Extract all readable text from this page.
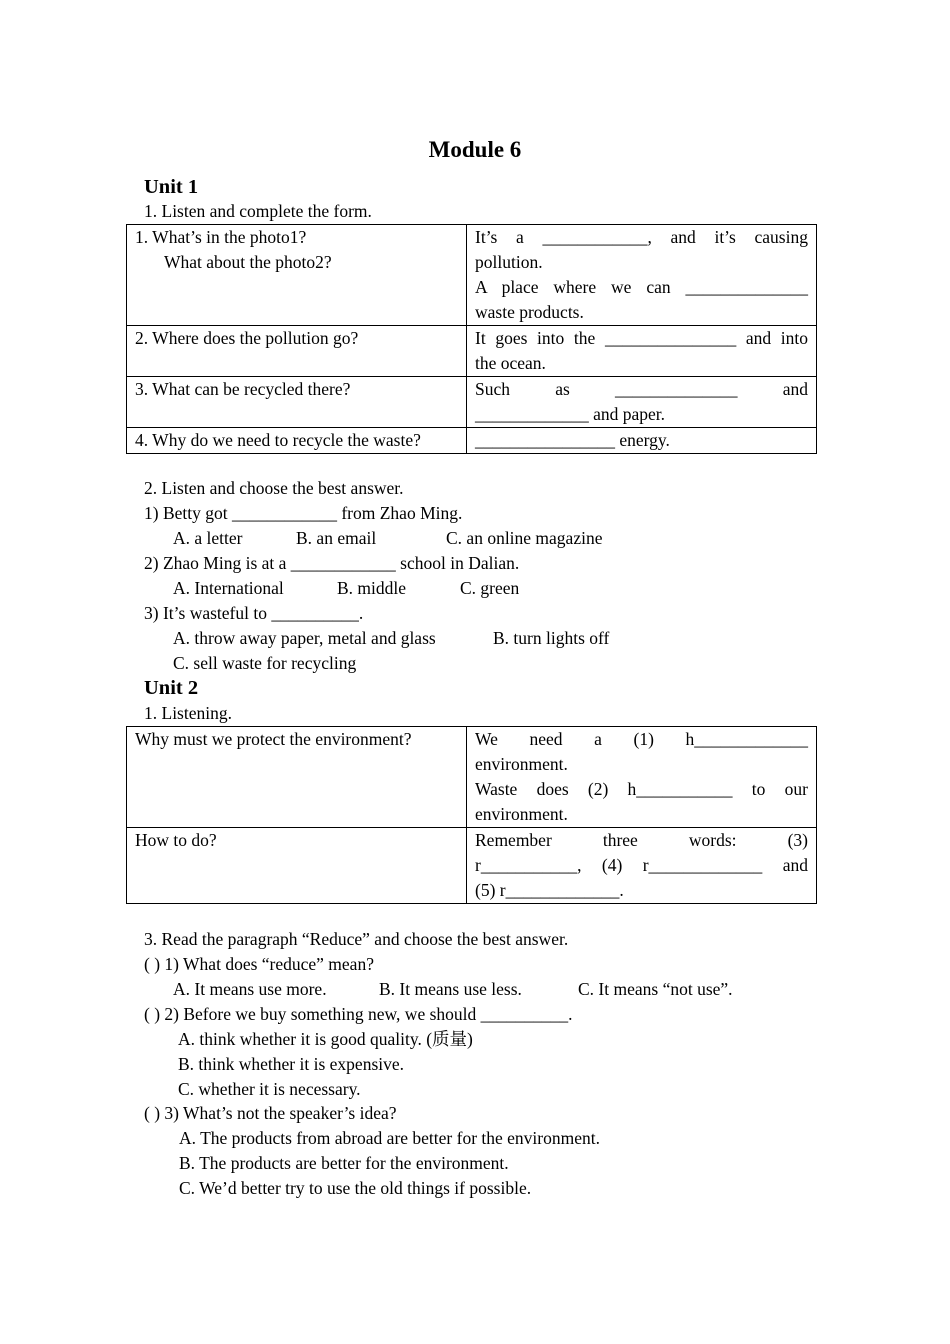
Module 6
Unit 1
1. Listen and complete the form.
1. What’s in the photo1?
What about the photo2?	It’s a ____________, and it’s causing
pollution.
A place where we can ______________
waste products.

2. Where does the pollution go?	It goes into the _______________ and into
the ocean.

3. What can be recycled there?	Such as ______________ and
_____________ and paper.

4. Why do we need to recycle the waste?	________________ energy.
2. Listen and choose the best answer.
1) Betty got ____________ from Zhao Ming.
A. a letter	B. an email	C. an online magazine
2) Zhao Ming is at a ____________ school in Dalian.
A. International	B. middle	C. green
3) It’s wasteful to __________.
A. throw away paper, metal and glass	B. turn lights off
C. sell waste for recycling
Unit 2
1. Listening.
Why must we protect the environment?	We need a (1) h_____________
environment.
Waste does (2) h___________ to our
environment.

How to do?	Remember three words: (3)
r___________, (4) r_____________ and
(5) r_____________.
3. Read the paragraph “Reduce” and choose the best answer.
( ) 1) What does “reduce” mean?
A. It means use more.	B. It means use less.	C. It means “not use”.
( ) 2) Before we buy something new, we should __________.
A. think whether it is good quality. (质量)
B. think whether it is expensive.
C. whether it is necessary.
( ) 3) What’s not the speaker’s idea?
A. The products from abroad are better for the environment.
B. The products are better for the environment.
C. We’d better try to use the old things if possible.
